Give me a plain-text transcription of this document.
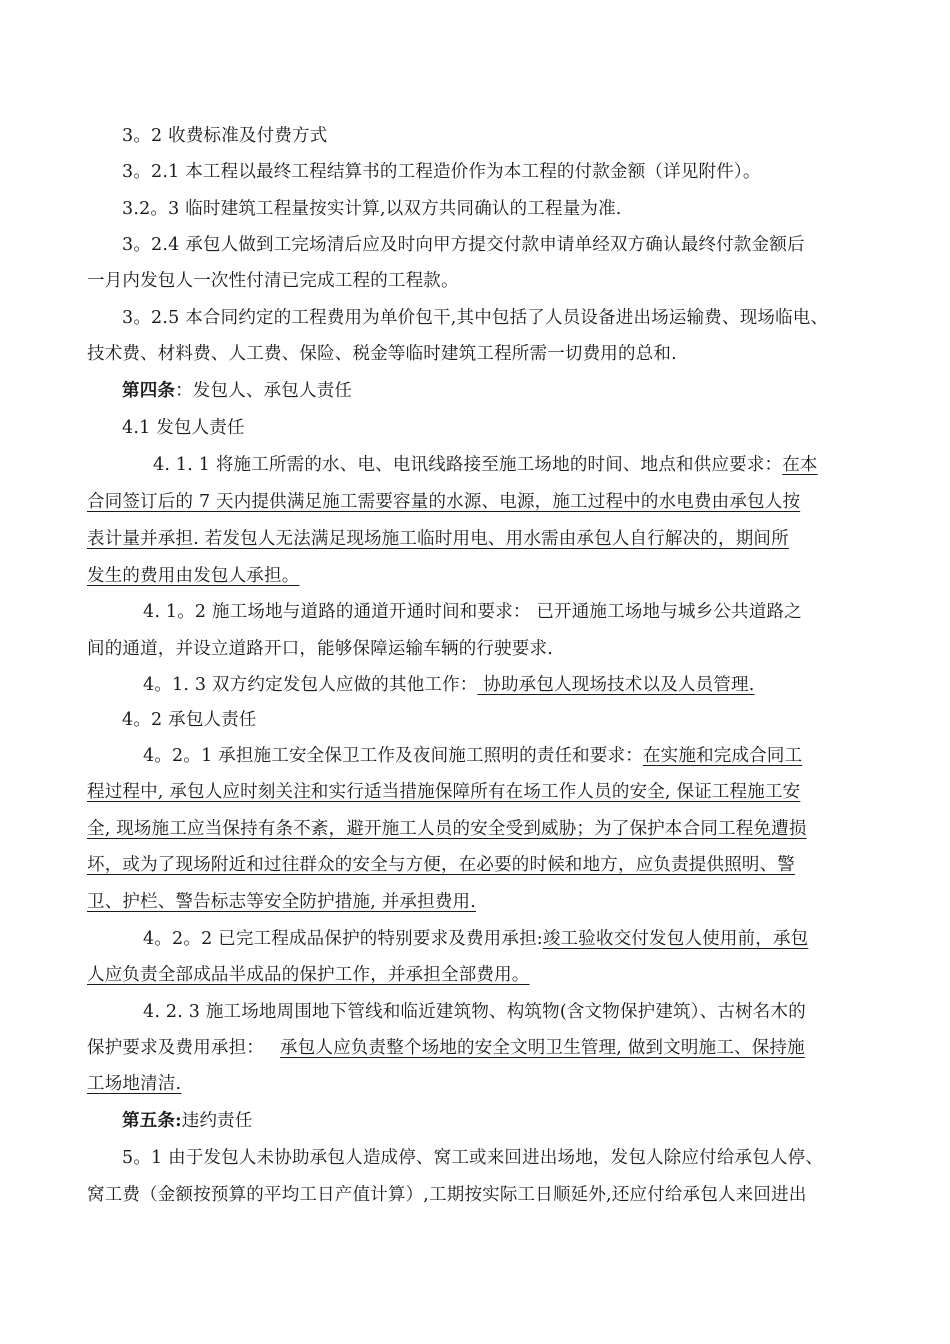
3。2 收费标准及付费方式
3。2.1 本工程以最终工程结算书的工程造价作为本工程的付款金额（详见附件）。
3.2。3 临时建筑工程量按实计算,以双方共同确认的工程量为准.
3。2.4 承包人做到工完场清后应及时向甲方提交付款申请单经双方确认最终付款金额后
一月内发包人一次性付清已完成工程的工程款。
3。2.5 本合同约定的工程费用为单价包干,其中包括了人员设备进出场运输费、现场临电、
技术费、材料费、人工费、保险、税金等临时建筑工程所需一切费用的总和.
第四条：发包人、承包人责任
4.1 发包人责任
4. 1. 1 将施工所需的水、电、电讯线路接至施工场地的时间、地点和供应要求：在本
合同签订后的 7 天内提供满足施工需要容量的水源、电源，施工过程中的水电费由承包人按
表计量并承担. 若发包人无法满足现场施工临时用电、用水需由承包人自行解决的，期间所
发生的费用由发包人承担。
4. 1。2 施工场地与道路的通道开通时间和要求： 已开通施工场地与城乡公共道路之
间的通道，并设立道路开口，能够保障运输车辆的行驶要求.
4。1. 3 双方约定发包人应做的其他工作： 协助承包人现场技术以及人员管理.
4。2 承包人责任
4。2。1 承担施工安全保卫工作及夜间施工照明的责任和要求：在实施和完成合同工
程过程中, 承包人应时刻关注和实行适当措施保障所有在场工作人员的安全, 保证工程施工安
全, 现场施工应当保持有条不紊，避开施工人员的安全受到威胁；为了保护本合同工程免遭损
坏，或为了现场附近和过往群众的安全与方便，在必要的时候和地方，应负责提供照明、警
卫、护栏、警告标志等安全防护措施, 并承担费用.
4。2。2 已完工程成品保护的特别要求及费用承担:竣工验收交付发包人使用前，承包
人应负责全部成品半成品的保护工作，并承担全部费用。
4. 2. 3 施工场地周围地下管线和临近建筑物、构筑物(含文物保护建筑）、古树名木的
保护要求及费用承担： 承包人应负责整个场地的安全文明卫生管理, 做到文明施工、保持施
工场地清洁.
第五条:违约责任
5。1 由于发包人未协助承包人造成停、窝工或来回进出场地，发包人除应付给承包人停、
窝工费（金额按预算的平均工日产值计算）,工期按实际工日顺延外,还应付给承包人来回进出
